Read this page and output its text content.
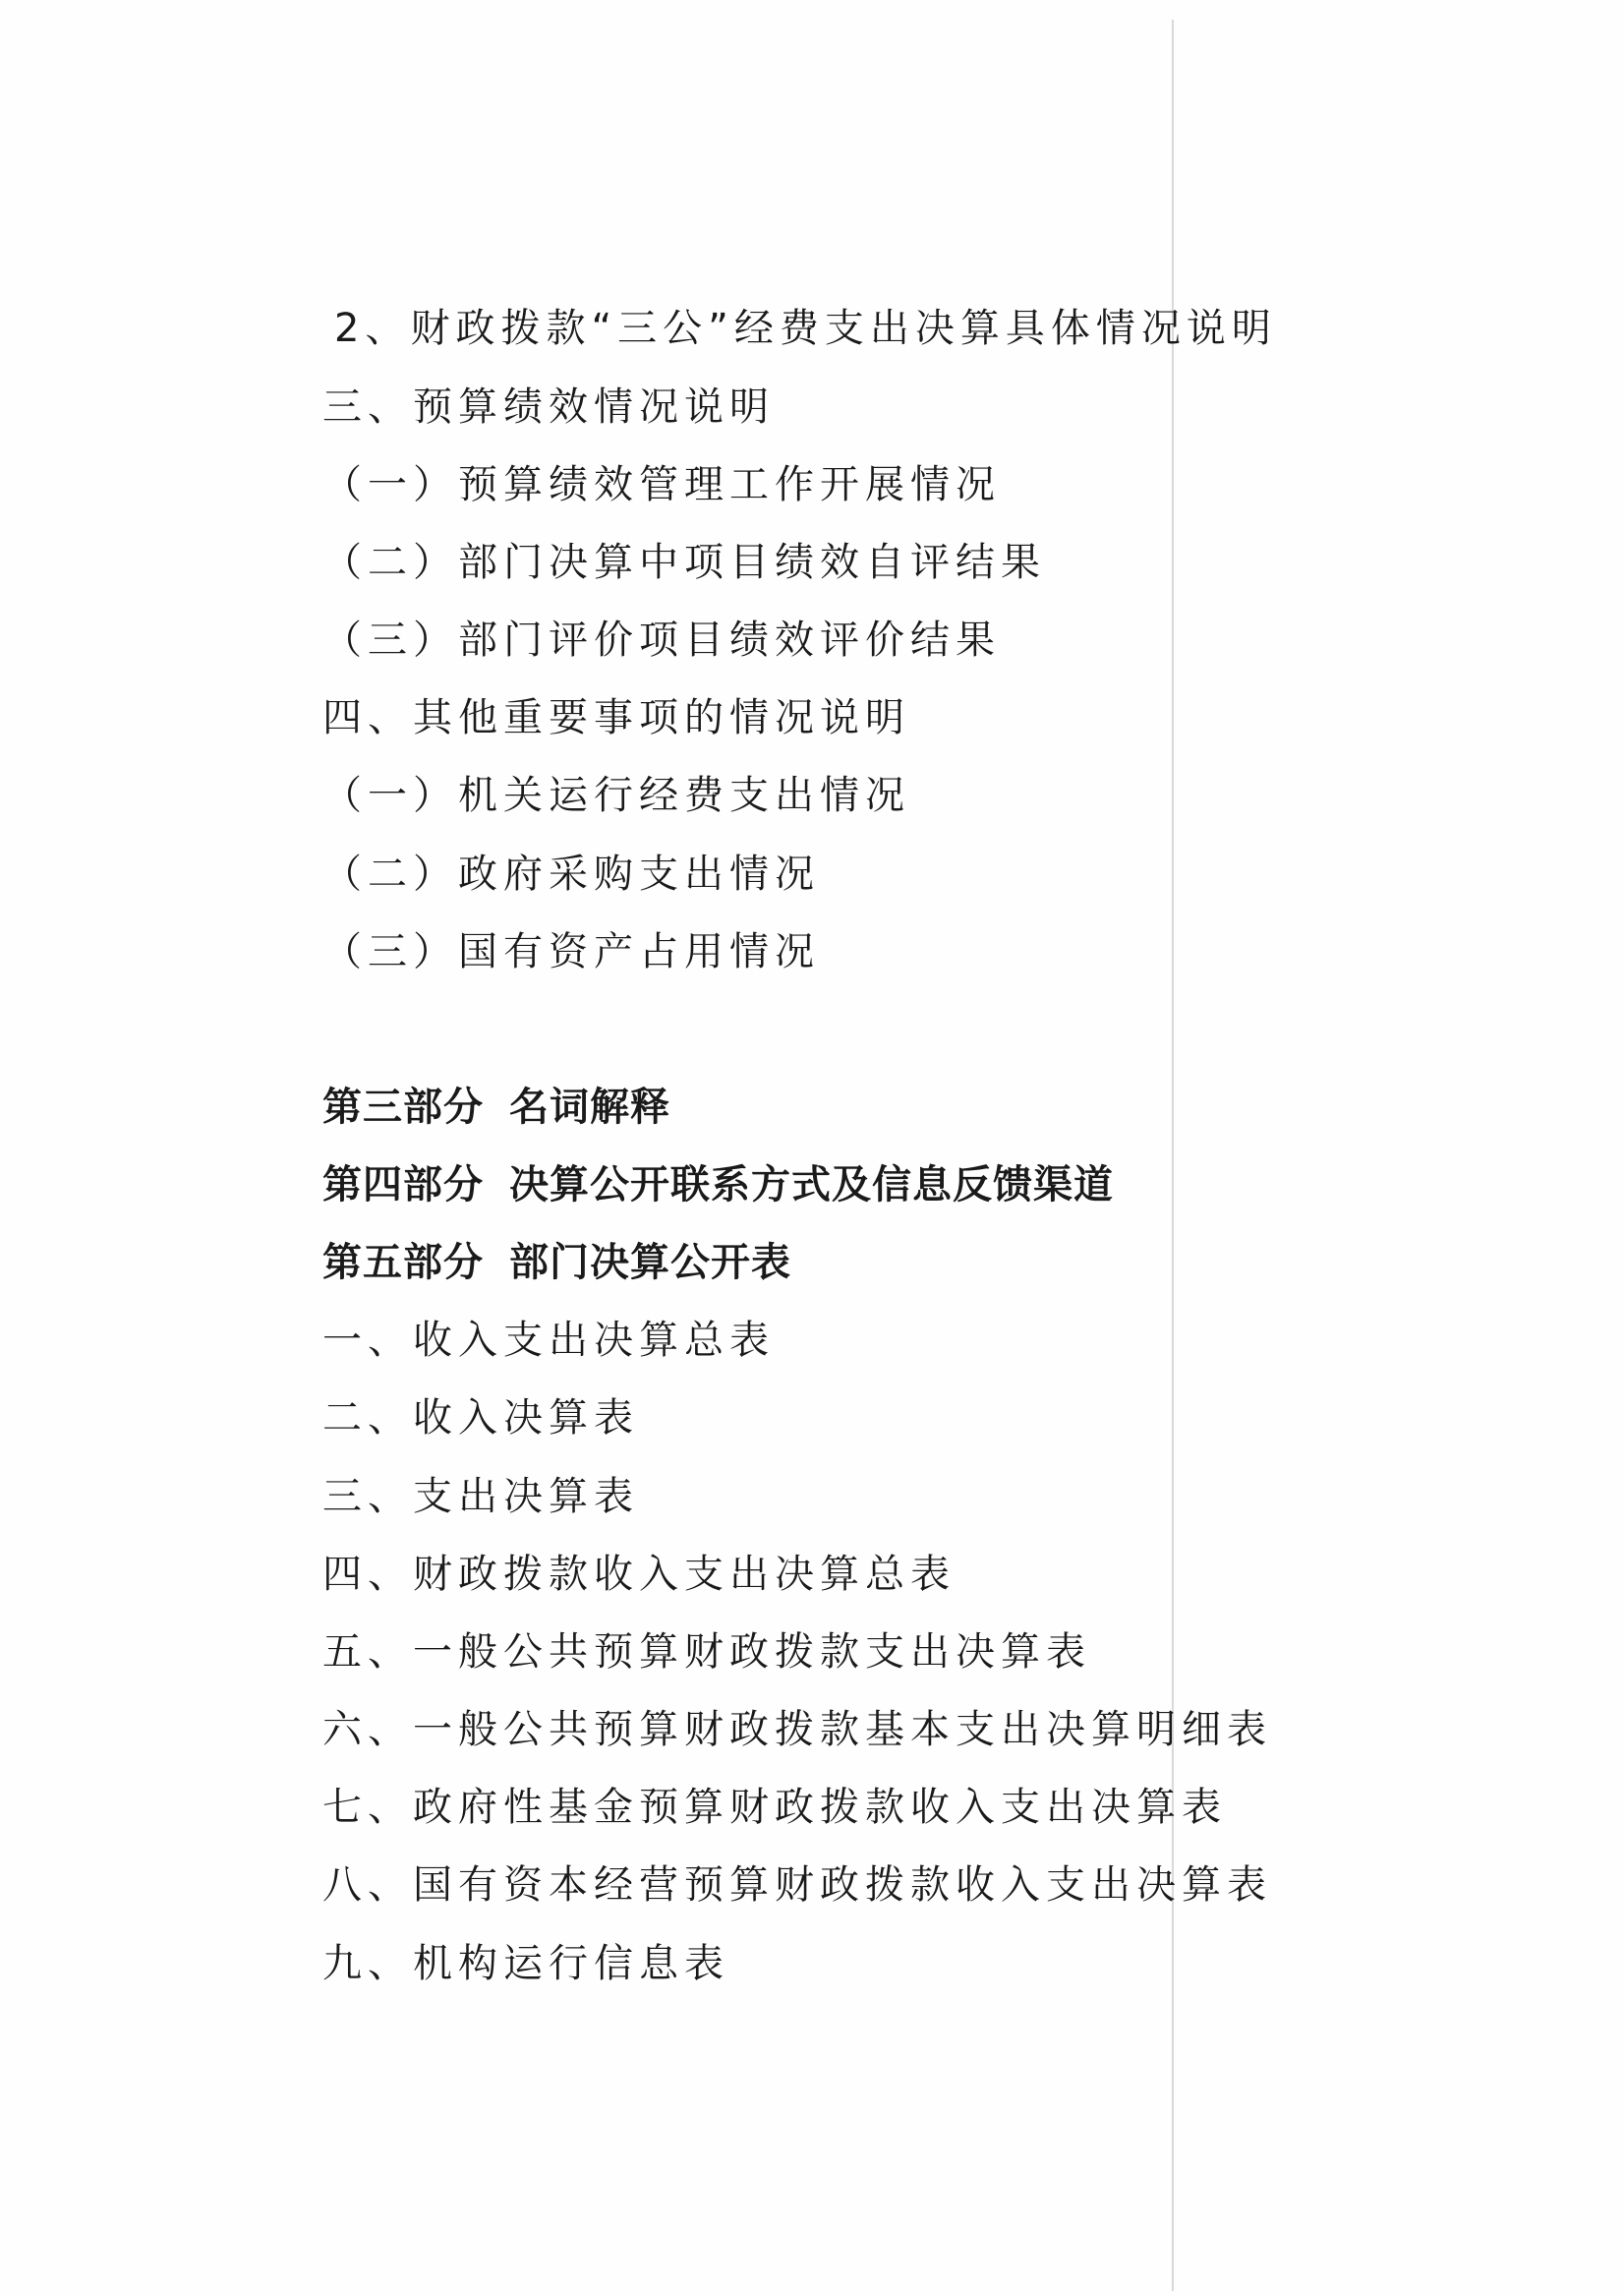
2、财政拨款“三公”经费支出决算具体情况说明
三、预算绩效情况说明
（一）预算绩效管理工作开展情况
（二）部门决算中项目绩效自评结果
（三）部门评价项目绩效评价结果
四、其他重要事项的情况说明
（一）机关运行经费支出情况
（二）政府采购支出情况
（三）国有资产占用情况
第三部分 名词解释
第四部分 决算公开联系方式及信息反馈渠道
第五部分 部门决算公开表
一、收入支出决算总表
二、收入决算表
三、支出决算表
四、财政拨款收入支出决算总表
五、一般公共预算财政拨款支出决算表
六、一般公共预算财政拨款基本支出决算明细表
七、政府性基金预算财政拨款收入支出决算表
八、国有资本经营预算财政拨款收入支出决算表
九、机构运行信息表
